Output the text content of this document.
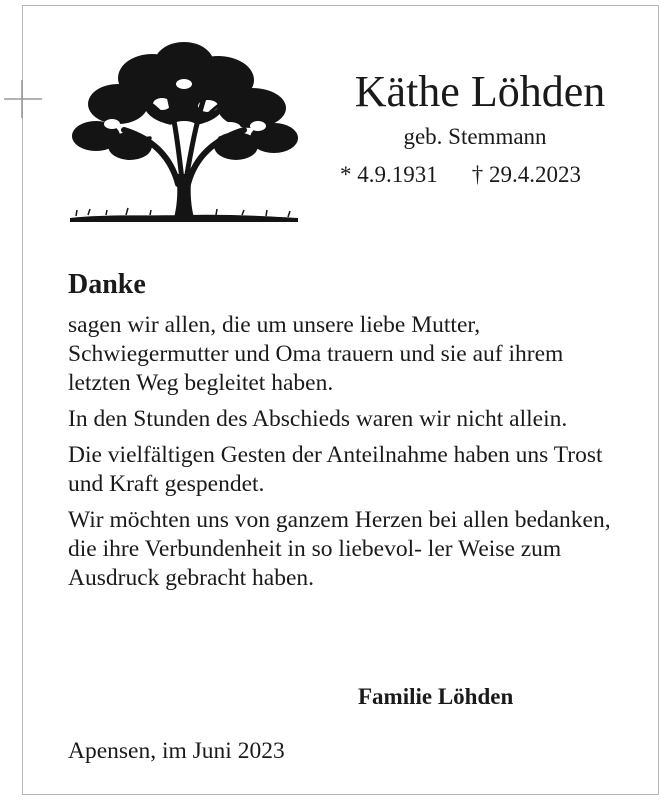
Käthe Löhden
geb. Stemmann
* 4.9.1931 † 29.4.2023
Danke

sagen wir allen, die um unsere liebe Mutter, Schwiegermutter und Oma trauern und sie auf ihrem letzten Weg begleitet haben.

In den Stunden des Abschieds waren wir nicht allein.

Die vielfältigen Gesten der Anteilnahme haben uns Trost und Kraft gespendet.

Wir möchten uns von ganzem Herzen bei allen bedanken, die ihre Verbundenheit in so liebevol- ler Weise zum Ausdruck gebracht haben.

Familie Löhden
Apensen, im Juni 2023
